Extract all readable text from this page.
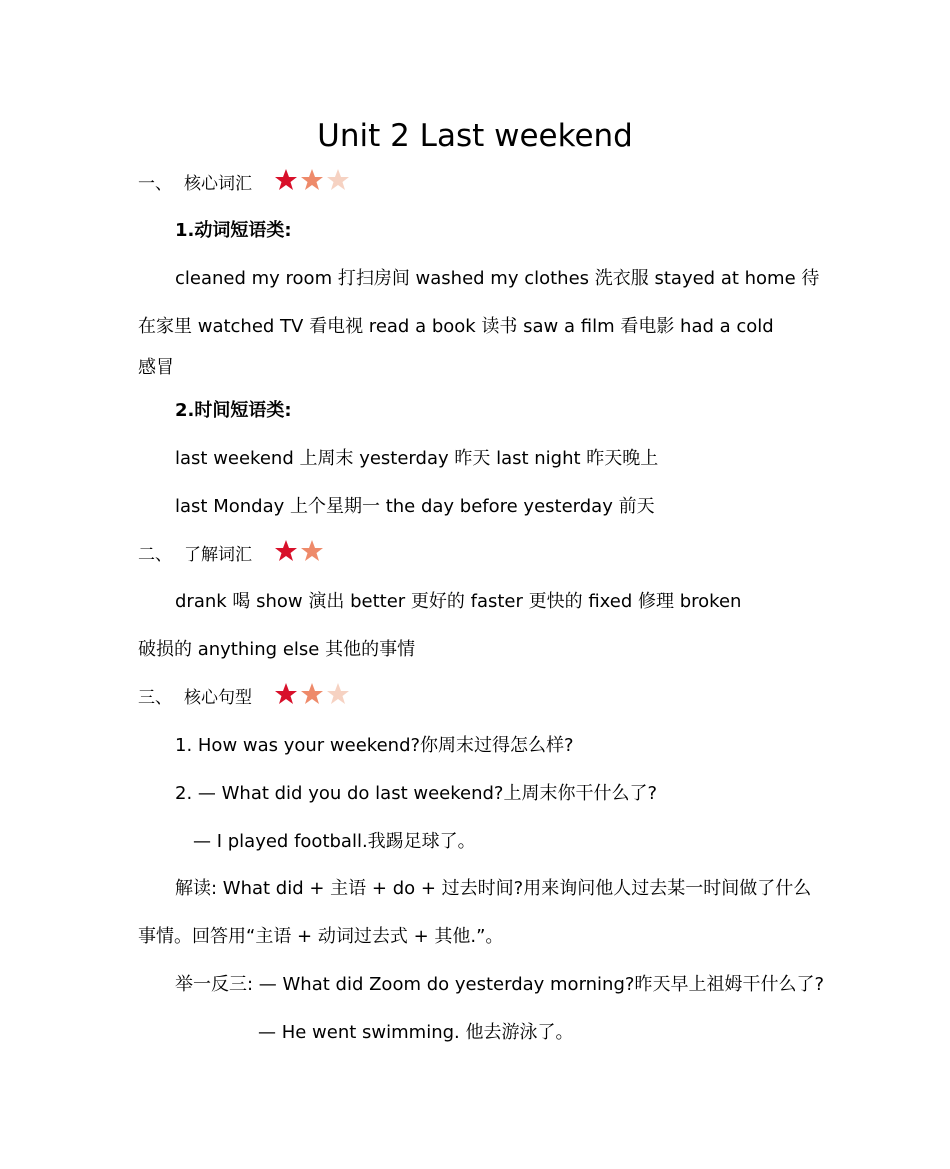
Unit 2 Last weekend
一、 核心词汇
1.动词短语类:
cleaned my room 打扫房间 washed my clothes 洗衣服 stayed at home 待
在家里 watched TV 看电视 read a book 读书 saw a film 看电影 had a cold
感冒
2.时间短语类:
last weekend 上周末 yesterday 昨天 last night 昨天晚上
last Monday 上个星期一 the day before yesterday 前天
二、 了解词汇
drank 喝 show 演出 better 更好的 faster 更快的 fixed 修理 broken
破损的 anything else 其他的事情
三、 核心句型
1. How was your weekend?你周末过得怎么样?
2. — What did you do last weekend?上周末你干什么了?
— I played football.我踢足球了。
解读: What did + 主语 + do + 过去时间?用来询问他人过去某一时间做了什么
事情。回答用“主语 + 动词过去式 + 其他.”。
举一反三: — What did Zoom do yesterday morning?昨天早上祖姆干什么了?
— He went swimming. 他去游泳了。
